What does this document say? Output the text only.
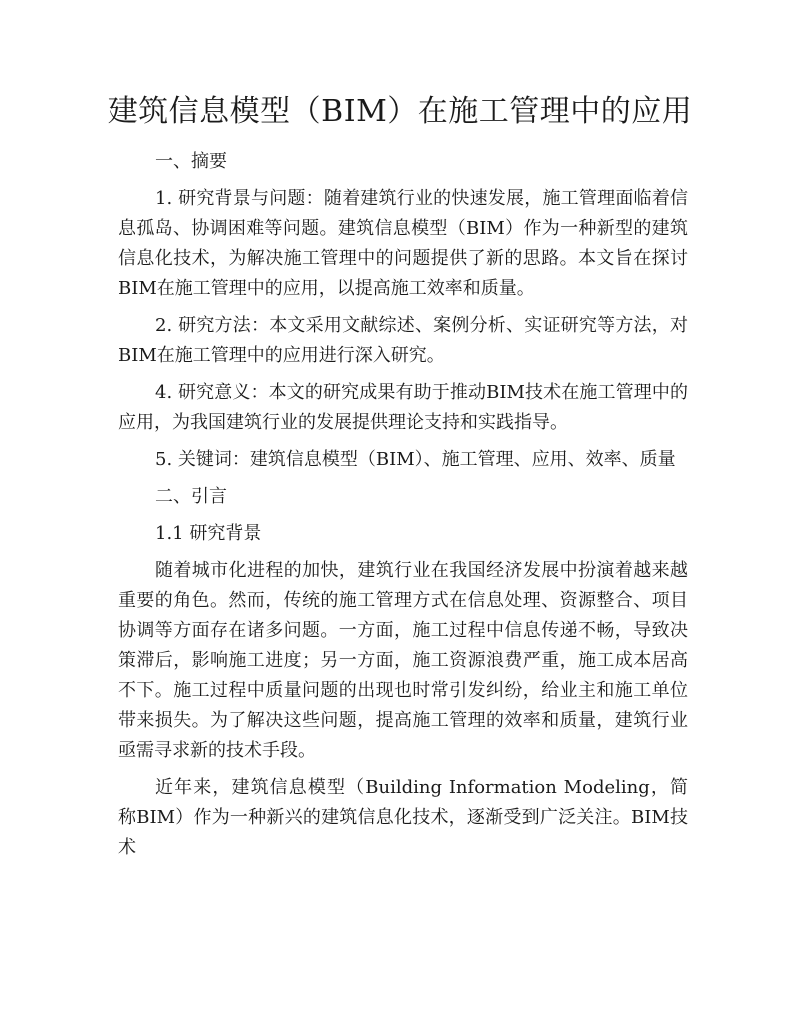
建筑信息模型（BIM）在施工管理中的应用

一、摘要

1. 研究背景与问题：随着建筑行业的快速发展，施工管理面临着信息孤岛、协调困难等问题。建筑信息模型（BIM）作为一种新型的建筑信息化技术，为解决施工管理中的问题提供了新的思路。本文旨在探讨BIM在施工管理中的应用，以提高施工效率和质量。

2. 研究方法：本文采用文献综述、案例分析、实证研究等方法，对BIM在施工管理中的应用进行深入研究。

4. 研究意义：本文的研究成果有助于推动BIM技术在施工管理中的应用，为我国建筑行业的发展提供理论支持和实践指导。

5. 关键词：建筑信息模型（BIM）、施工管理、应用、效率、质量

二、引言

1.1 研究背景

随着城市化进程的加快，建筑行业在我国经济发展中扮演着越来越重要的角色。然而，传统的施工管理方式在信息处理、资源整合、项目协调等方面存在诸多问题。一方面，施工过程中信息传递不畅，导致决策滞后，影响施工进度；另一方面，施工资源浪费严重，施工成本居高不下。施工过程中质量问题的出现也时常引发纠纷，给业主和施工单位带来损失。为了解决这些问题，提高施工管理的效率和质量，建筑行业亟需寻求新的技术手段。

近年来，建筑信息模型（Building Information Modeling，简称BIM）作为一种新兴的建筑信息化技术，逐渐受到广泛关注。BIM技术
